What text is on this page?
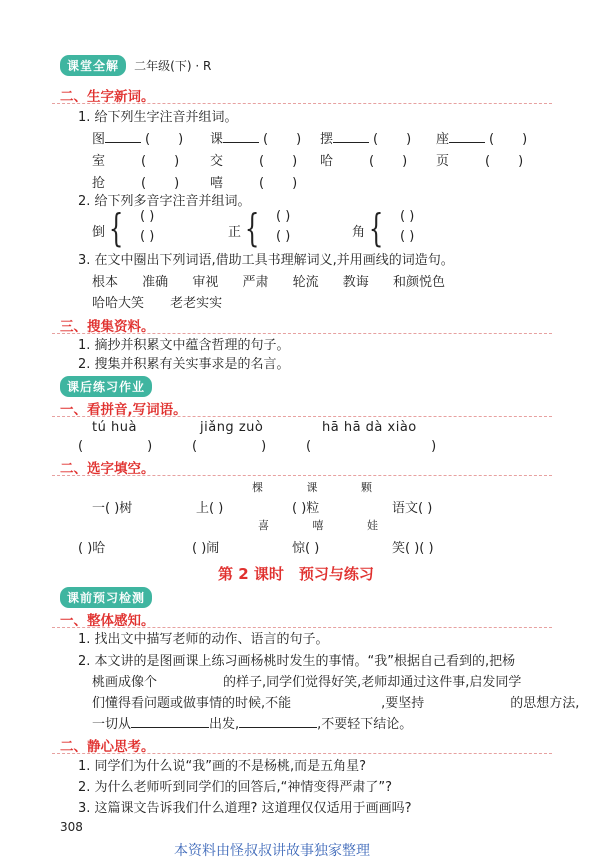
课堂全解 二年级(下) · R
二、生字新词。
1. 给下列生字注音并组词。
图	( ) 课	( ) 摆	( ) 座	( )
室	( ) 交	( ) 哈	( ) 页	( )
抢	( ) 嘻	( )
2. 给下列多音字注音并组词。
倒 { ( )
( )	正 { ( )
( )	角 { ( )
( )
3. 在文中圈出下列词语,借助工具书理解词义,并用画线的词造句。
根本 准确 审视 严肃 轮流 教诲 和颜悦色
哈哈大笑 老老实实
三、搜集资料。
1. 摘抄并积累文中蕴含哲理的句子。
2. 搜集并积累有关实事求是的名言。
课后练习作业
一、看拼音,写词语。
tú huà	jiǎng zuò	hā hā dà xiào
(	)	(	)	(	)
二、选字填空。
棵	课	颗
一( )树	上( )	( )粒	语文( )
喜	嘻	娃
( )哈	( )闹	惊( )	笑( )( )
第 2 课时　预习与练习
课前预习检测
一、整体感知。
1. 找出文中描写老师的动作、语言的句子。
2. 本文讲的是图画课上练习画杨桃时发生的事情。“我”根据自己看到的,把杨
桃画成像个	的样子,同学们觉得好笑,老师却通过这件事,启发同学
们懂得看问题或做事情的时候,不能	,要坚持	的思想方法,
一切从	出发,	,不要轻下结论。
二、静心思考。
1. 同学们为什么说“我”画的不是杨桃,而是五角星?
2. 为什么老师听到同学们的回答后,“神情变得严肃了”?
3. 这篇课文告诉我们什么道理? 这道理仅仅适用于画画吗?
308
本资料由怪叔叔讲故事独家整理
